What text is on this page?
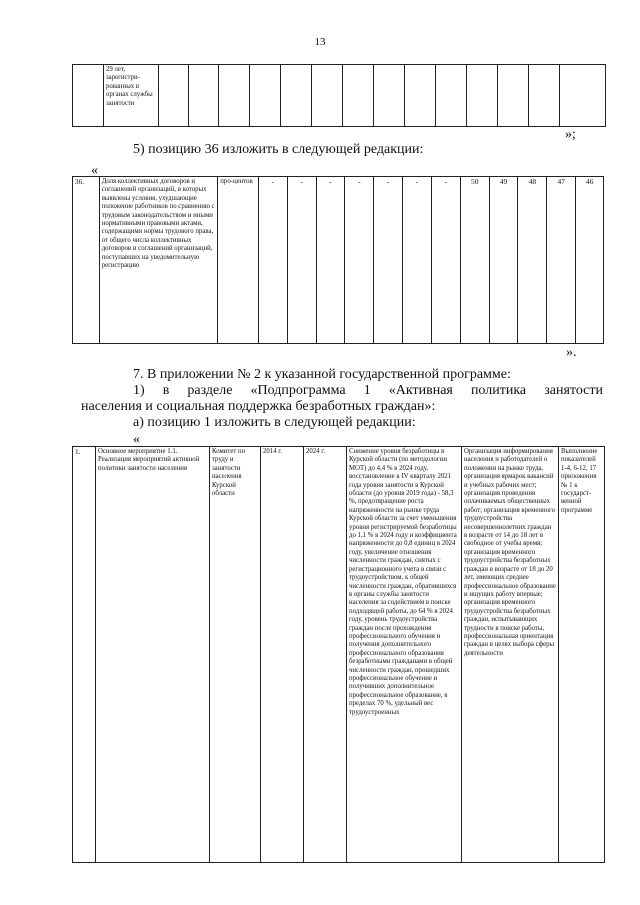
13
	29 лет, зарегистри-рованных в органах службы занятости														
»;
5) позицию 36 изложить в следующей редакции:
«
36.	Доля коллективных договоров и соглашений организаций, в которых выявлены условия, ухудшающие положение работников по сравнению с трудовым законодательством и иными нормативными правовыми актами, содержащими нормы трудового права, от общего числа коллективных договоров и соглашений организаций, поступавших на уведомительную регистрацию	про-центов	-	-	-	-	-	-	-	50	49	48	47	46
».
7. В приложении № 2 к указанной государственной программе:
1) в разделе «Подпрограмма 1 «Активная политика занятости
населения и социальная поддержка безработных граждан»:
а) позицию 1 изложить в следующей редакции:
«
1.	Основное мероприятие 1.1. Реализация мероприятий активной политики занятости населения	Комитет по труду и занятости населения Курской области	2014 г.	2024 г.	Снижение уровня безработицы в Курской области (по методологии МОТ) до 4,4 % в 2024 году, восстановление к IV кварталу 2021 года уровня занятости в Курской области (до уровня 2019 года) - 58,3 %, предотвращение роста напряженности на рынке труда Курской области за счет уменьшения уровня регистрируемой безработицы до 1,1 % в 2024 году и коэффициента напряженности до 0,8 единиц в 2024 году, увеличение отношения численности граждан, снятых с регистрационного учета в связи с трудоустройством, к общей численности граждан, обратившихся в органы службы занятости населения за содействием в поиске подходящей работы, до 64 % в 2024 году, уровень трудоустройства граждан после прохождения профессионального обучения и получения дополнительного профессионального образования безработными гражданами в общей численности граждан, прошедших профессиональное обучение и получивших дополнительное профессиональное образование, в пределах 70 %, удельный вес трудоустроенных	Организация информирования населения и работодателей о положении на рынке труда, организация ярмарок вакансий и учебных рабочих мест; организация проведения оплачиваемых общественных работ; организация временного трудоустройства несовершеннолетних граждан в возрасте от 14 до 18 лет в свободное от учебы время; организация временного трудоустройства безработных граждан в возрасте от 18 до 20 лет, имеющих среднее профессиональное образование и ищущих работу впервые; организация временного трудоустройства безработных граждан, испытывающих трудности в поиске работы, профессиональная ориентация граждан в целях выбора сферы деятельности	Выполнение показателей 1-4, 6-12, 17 приложения № 1 к государст-венной программе
